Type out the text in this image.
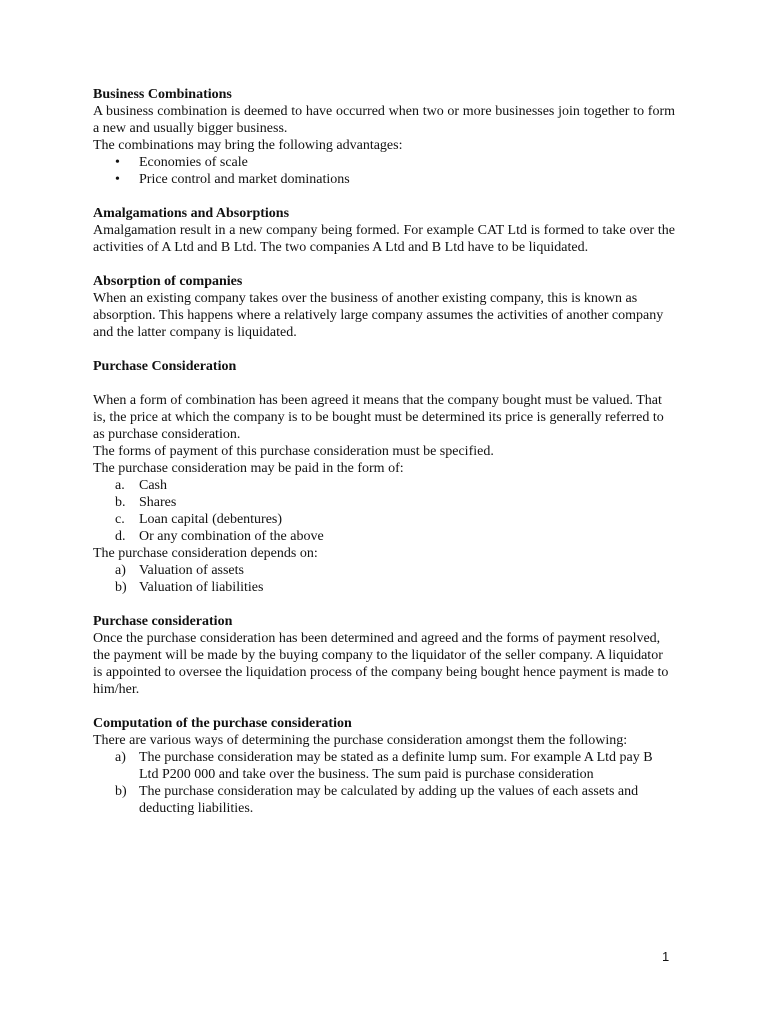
Business Combinations

A business combination is deemed to have occurred when two or more businesses join together to form a new and usually bigger business.

The combinations may bring the following advantages:

• Economies of scale
• Price control and market dominations

Amalgamations and Absorptions

Amalgamation result in a new company being formed. For example CAT Ltd is formed to take over the activities of A Ltd and B Ltd. The two companies A Ltd and B Ltd have to be liquidated.

Absorption of companies

When an existing company takes over the business of another existing company, this is known as absorption. This happens where a relatively large company assumes the activities of another company and the latter company is liquidated.

Purchase Consideration

When a form of combination has been agreed it means that the company bought must be valued. That is, the price at which the company is to be bought must be determined its price is generally referred to as purchase consideration.

The forms of payment of this purchase consideration must be specified.

The purchase consideration may be paid in the form of:

a. Cash
b. Shares
c. Loan capital (debentures)
d. Or any combination of the above

The purchase consideration depends on:

a) Valuation of assets
b) Valuation of liabilities

Purchase consideration

Once the purchase consideration has been determined and agreed and the forms of payment resolved, the payment will be made by the buying company to the liquidator of the seller company. A liquidator is appointed to oversee the liquidation process of the company being bought hence payment is made to him/her.

Computation of the purchase consideration

There are various ways of determining the purchase consideration amongst them the following:

a) The purchase consideration may be stated as a definite lump sum. For example A Ltd pay B Ltd P200 000 and take over the business. The sum paid is purchase consideration
b) The purchase consideration may be calculated by adding up the values of each assets and deducting liabilities.
1
